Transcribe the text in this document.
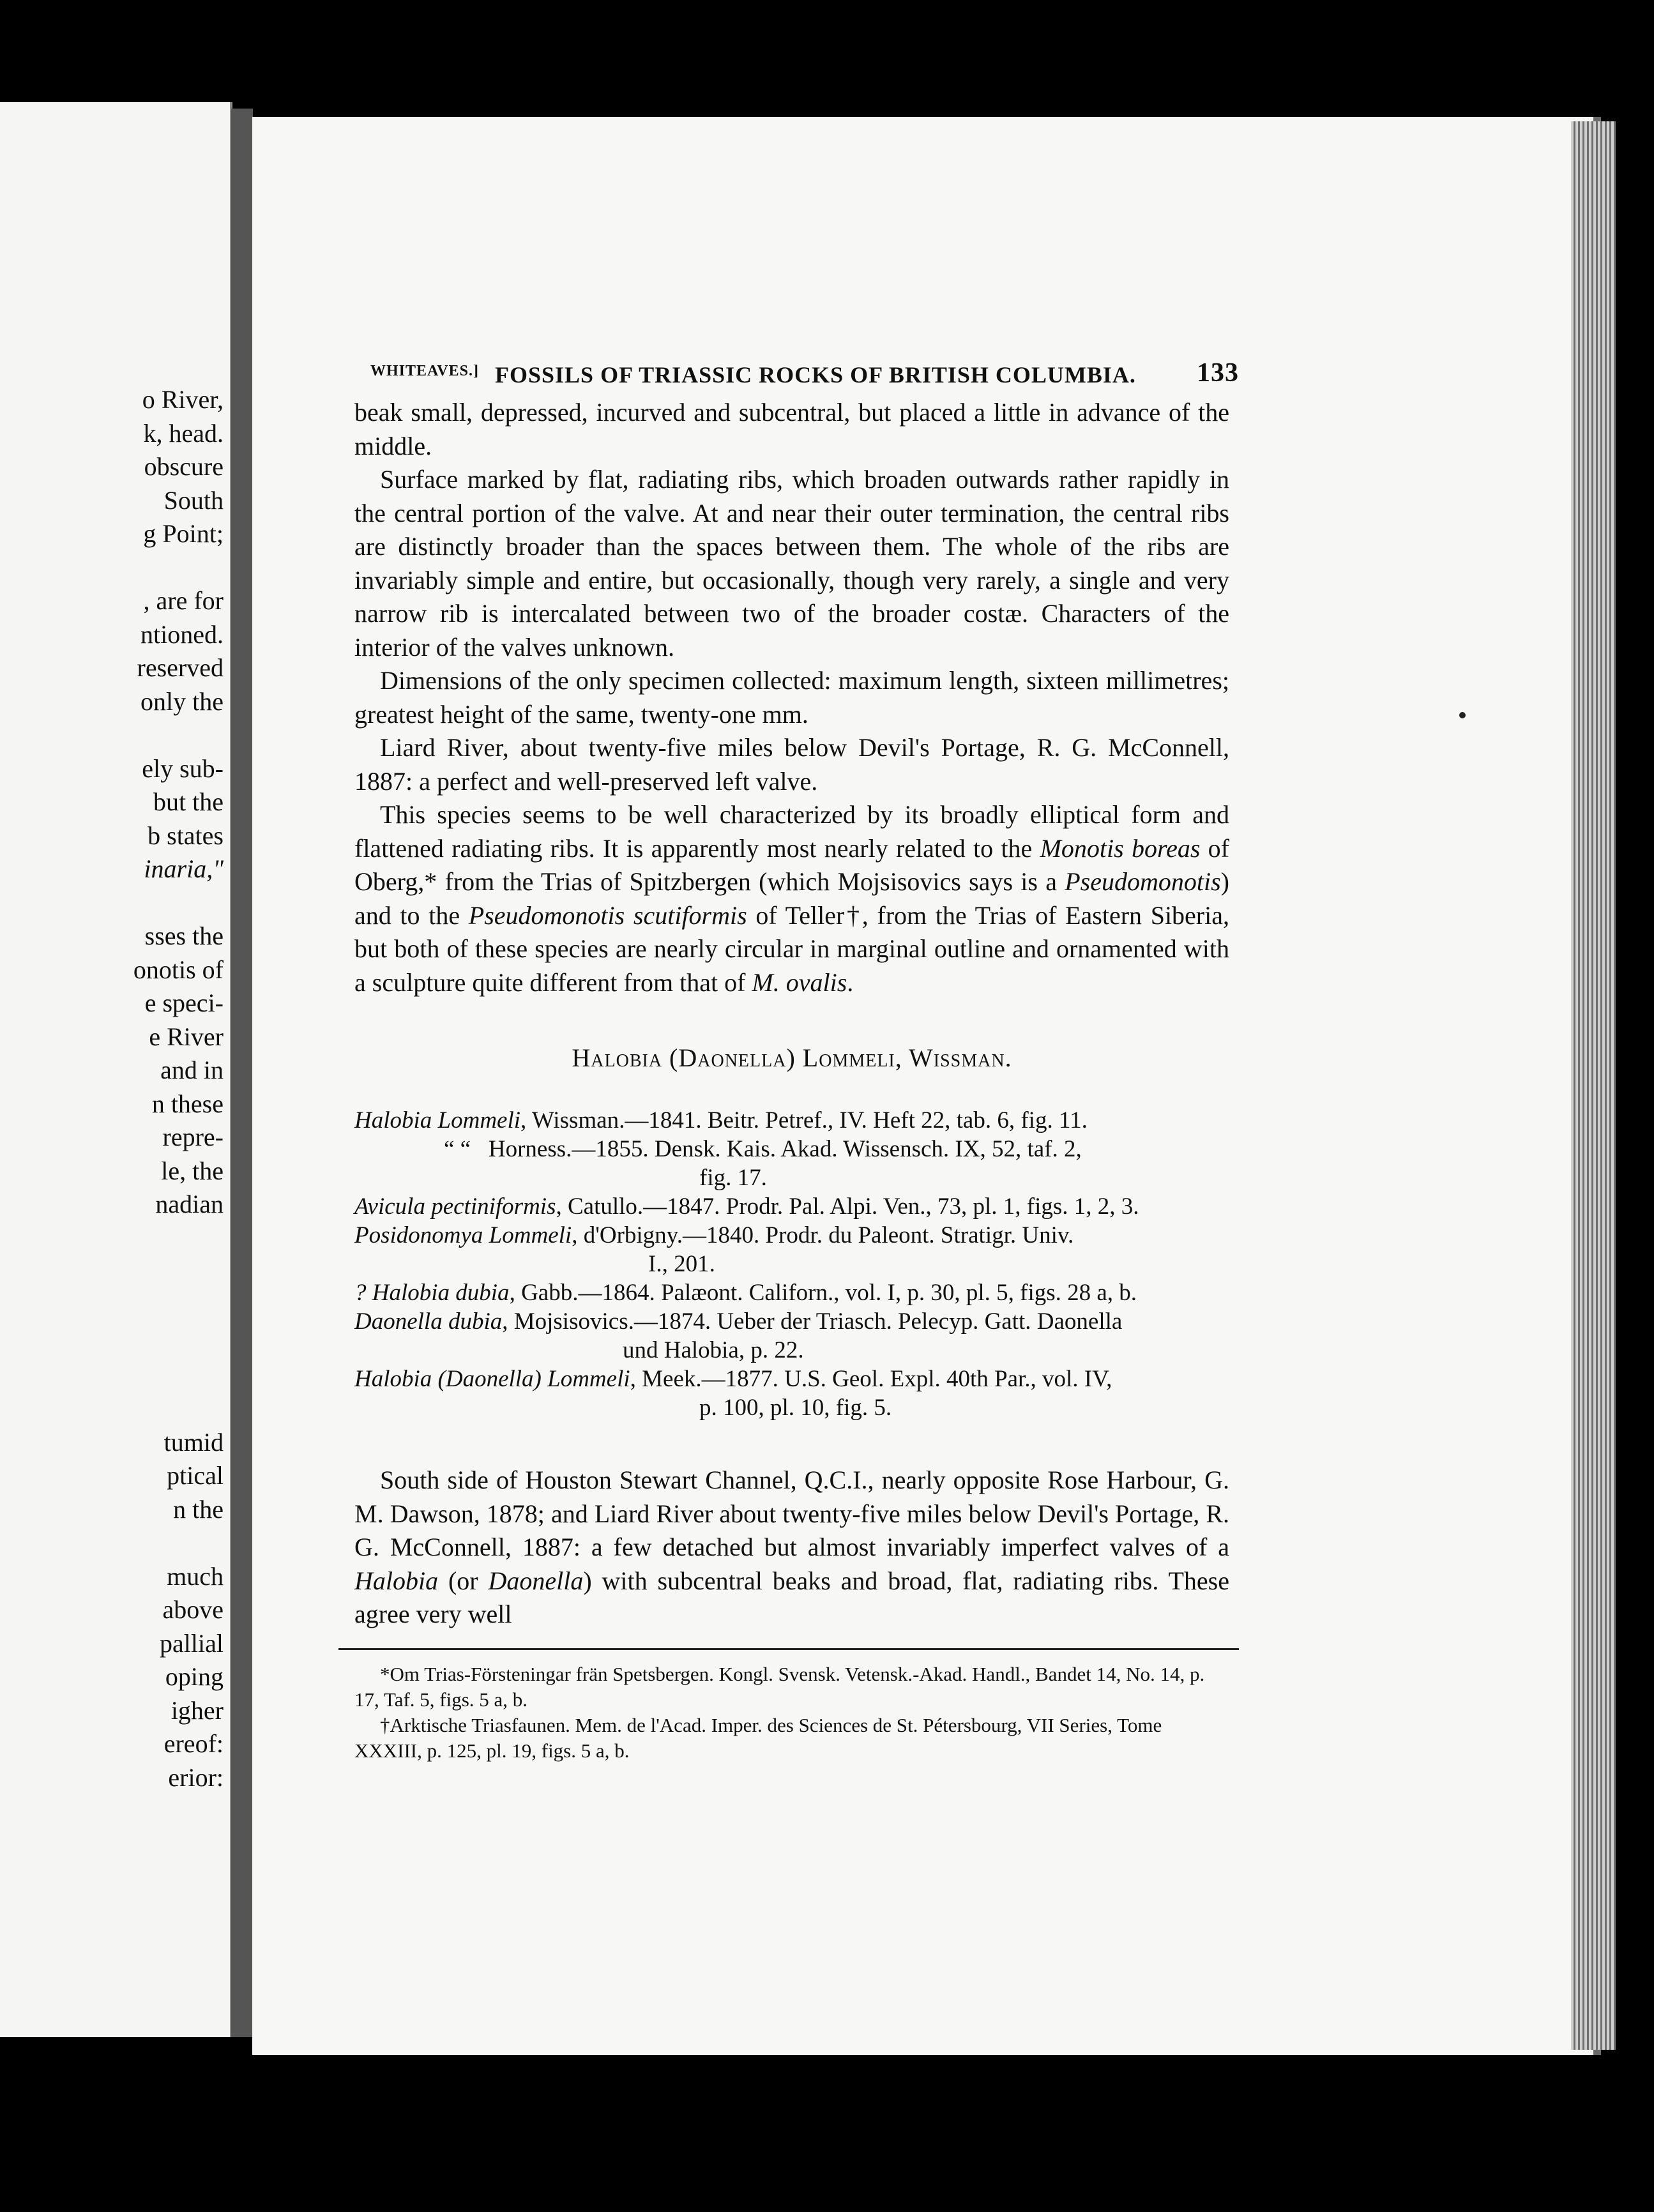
o River,
k, head.
obscure
South
g Point;
, are for
ntioned.
reserved
only the
ely sub-
but the
b states
inaria,"
sses the
onotis of
e speci-
e River
and in
n these
repre-
le, the
nadian
tumid
ptical
n the
much
above
pallial
oping
igher
ereof:
erior:
WHITEAVES.] FOSSILS OF TRIASSIC ROCKS OF BRITISH COLUMBIA. 133

beak small, depressed, incurved and subcentral, but placed a little in advance of the middle.

Surface marked by flat, radiating ribs, which broaden outwards rather rapidly in the central portion of the valve. At and near their outer termination, the central ribs are distinctly broader than the spaces between them. The whole of the ribs are invariably simple and entire, but occasionally, though very rarely, a single and very narrow rib is intercalated between two of the broader costæ. Characters of the interior of the valves unknown.

Dimensions of the only specimen collected: maximum length, sixteen millimetres; greatest height of the same, twenty-one mm.

Liard River, about twenty-five miles below Devil's Portage, R. G. McConnell, 1887: a perfect and well-preserved left valve.

This species seems to be well characterized by its broadly elliptical form and flattened radiating ribs. It is apparently most nearly related to the Monotis boreas of Oberg,* from the Trias of Spitzbergen (which Mojsisovics says is a Pseudomonotis) and to the Pseudomonotis scutiformis of Teller†, from the Trias of Eastern Siberia, but both of these species are nearly circular in marginal outline and ornamented with a sculpture quite different from that of M. ovalis.

Halobia (Daonella) Lommeli, Wissman.
Halobia Lommeli, Wissman.—1841. Beitr. Petref., IV. Heft 22, tab. 6, fig. 11.
“ “ Horness.—1855. Densk. Kais. Akad. Wissensch. IX, 52, taf. 2,
fig. 17.
Avicula pectiniformis, Catullo.—1847. Prodr. Pal. Alpi. Ven., 73, pl. 1, figs. 1, 2, 3.
Posidonomya Lommeli, d'Orbigny.—1840. Prodr. du Paleont. Stratigr. Univ.
I., 201.
? Halobia dubia, Gabb.—1864. Palæont. Californ., vol. I, p. 30, pl. 5, figs. 28 a, b.
Daonella dubia, Mojsisovics.—1874. Ueber der Triasch. Pelecyp. Gatt. Daonella
und Halobia, p. 22.
Halobia (Daonella) Lommeli, Meek.—1877. U.S. Geol. Expl. 40th Par., vol. IV,
p. 100, pl. 10, fig. 5.

South side of Houston Stewart Channel, Q.C.I., nearly opposite Rose Harbour, G. M. Dawson, 1878; and Liard River about twenty-five miles below Devil's Portage, R. G. McConnell, 1887: a few detached but almost invariably imperfect valves of a Halobia (or Daonella) with subcentral beaks and broad, flat, radiating ribs. These agree very well

*Om Trias-Försteningar frän Spetsbergen. Kongl. Svensk. Vetensk.-Akad. Handl., Bandet 14, No. 14, p. 17, Taf. 5, figs. 5 a, b.

†Arktische Triasfaunen. Mem. de l'Acad. Imper. des Sciences de St. Pétersbourg, VII Series, Tome XXXIII, p. 125, pl. 19, figs. 5 a, b.
